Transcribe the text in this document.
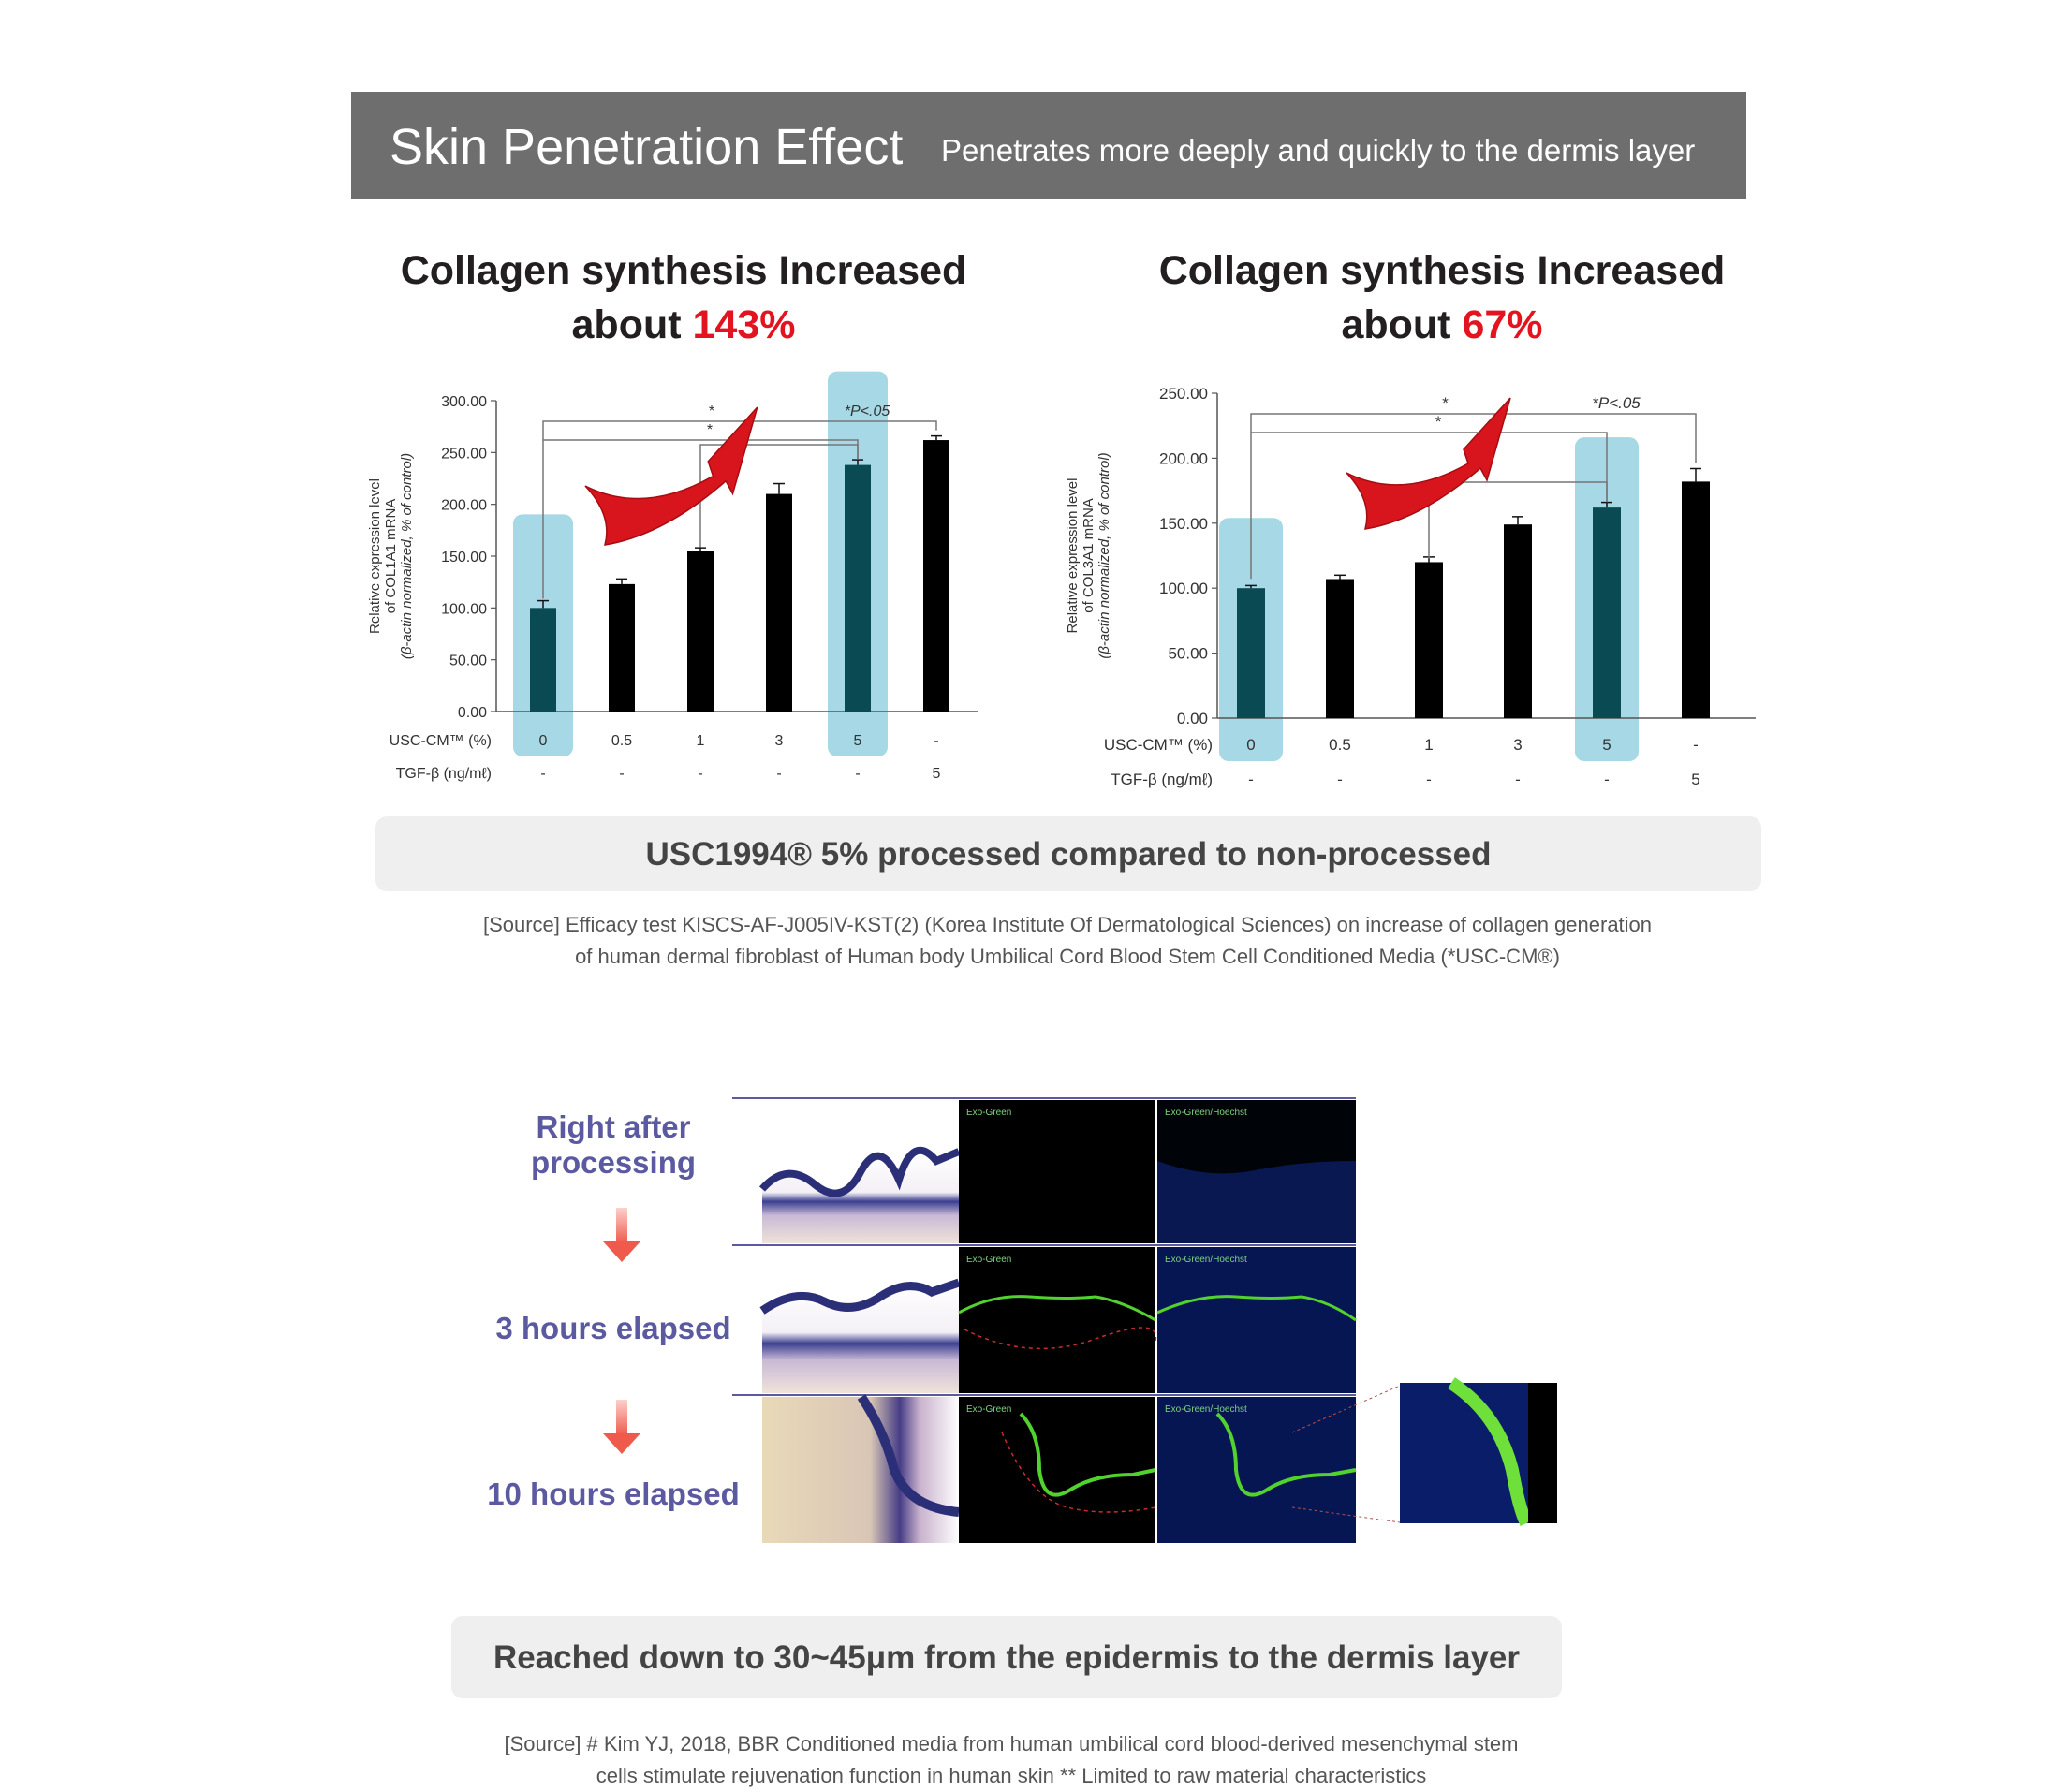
Skin Penetration Effect Penetrates more deeply and quickly to the dermis layer
Collagen synthesis Increased
about 143%
Collagen synthesis Increased
about 67%
0.00
50.00
100.00
150.00
200.00
250.00
300.00
Relative expression level of COL1A1 mRNA (β-actin normalized, % of control)
USC-CM™ (%)
TGF-β (ng/mℓ)
0	0.5	1	3	5	-
-	-	-	-	-	5
*
*
*P<.05
0.00
50.00
100.00
150.00
200.00
250.00
Relative expression level of COL3A1 mRNA (β-actin normalized, % of control)
USC-CM™ (%)
TGF-β (ng/mℓ)
0	0.5	1	3	5	-
-	-	-	-	-	5
*
*
*P<.05
USC1994® 5% processed compared to non-processed
[Source] Efficacy test KISCS-AF-J005IV-KST(2) (Korea Institute Of Dermatological Sciences) on increase of collagen generation
of human dermal fibroblast of Human body Umbilical Cord Blood Stem Cell Conditioned Media (*USC-CM®)
Right after
processing
3 hours elapsed
10 hours elapsed
Exo-Green	Exo-Green/Hoechst
Exo-Green	Exo-Green/Hoechst
Exo-Green	Exo-Green/Hoechst
Reached down to 30~45μm from the epidermis to the dermis layer
[Source] # Kim YJ, 2018, BBR Conditioned media from human umbilical cord blood-derived mesenchymal stem
cells stimulate rejuvenation function in human skin ** Limited to raw material characteristics
